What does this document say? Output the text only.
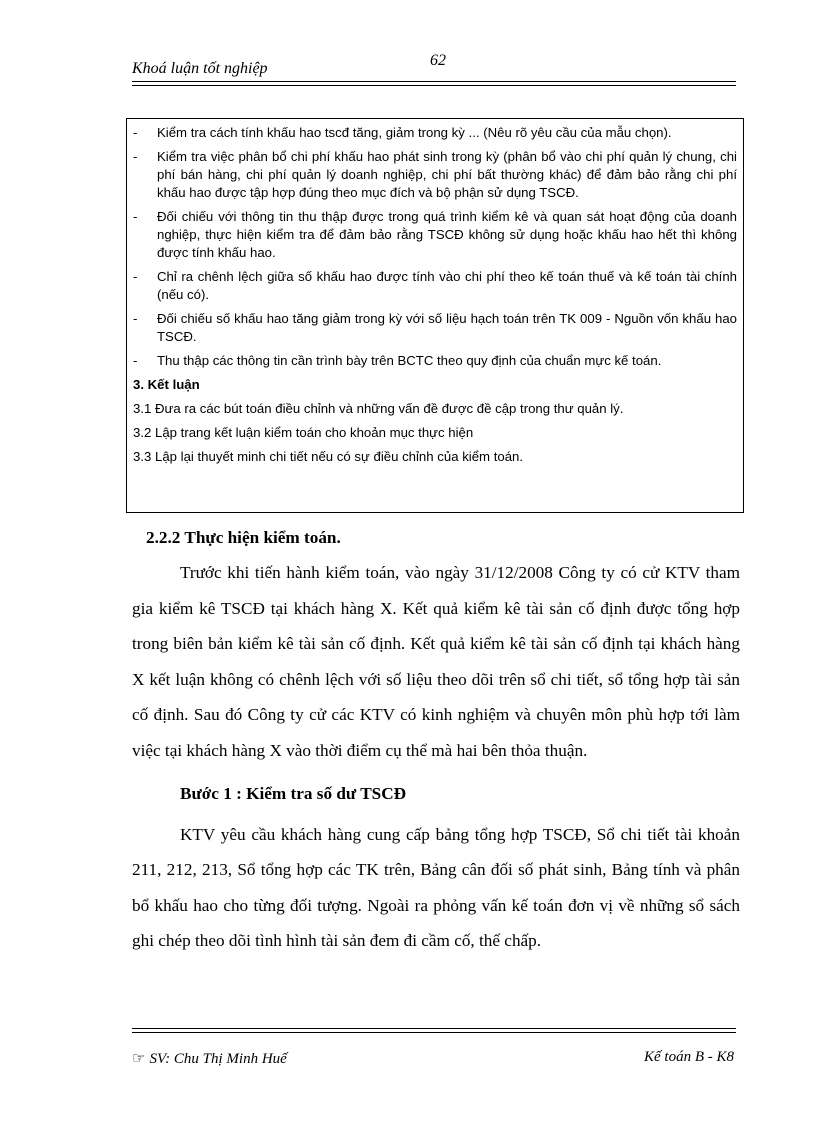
Khoá luận tốt nghiệp	62
- Kiểm tra cách tính khấu hao tscđ tăng, giảm trong kỳ ... (Nêu rõ yêu cầu của mẫu chọn).
- Kiểm tra việc phân bổ chi phí khấu hao phát sinh trong kỳ (phân bổ vào chi phí quản lý chung, chi phí bán hàng, chi phí quản lý doanh nghiệp, chi phí bất thường khác) để đảm bảo rằng chi phí khấu hao được tập hợp đúng theo mục đích và bộ phận sử dụng TSCĐ.
- Đối chiếu với thông tin thu thập được trong quá trình kiểm kê và quan sát hoạt động của doanh nghiệp, thực hiện kiểm tra để đảm bảo rằng TSCĐ không sử dụng hoặc khấu hao hết thì không được tính khấu hao.
- Chỉ ra chênh lệch giữa số khấu hao được tính vào chi phí theo kế toán thuế và kế toán tài chính (nếu có).
- Đối chiếu số khấu hao tăng giảm trong kỳ với số liệu hạch toán trên TK 009 - Nguồn vốn khấu hao TSCĐ.
- Thu thập các thông tin cần trình bày trên BCTC theo quy định của chuẩn mực kế toán.
3. Kết luận
3.1 Đưa ra các bút toán điều chỉnh và những vấn đề được đề cập trong thư quản lý.
3.2 Lập trang kết luận kiểm toán cho khoản mục thực hiện
3.3 Lập lại thuyết minh chi tiết nếu có sự điều chỉnh của kiểm toán.

2.2.2 Thực hiện kiểm toán.

Trước khi tiến hành kiểm toán, vào ngày 31/12/2008 Công ty có cử KTV tham gia kiểm kê TSCĐ tại khách hàng X. Kết quả kiểm kê tài sản cố định được tổng hợp trong biên bản kiểm kê tài sản cố định. Kết quả kiểm kê tài sản cố định tại khách hàng X kết luận không có chênh lệch với số liệu theo dõi trên sổ chi tiết, sổ tổng hợp tài sản cố định. Sau đó Công ty cử các KTV có kinh nghiệm và chuyên môn phù hợp tới làm việc tại khách hàng X vào thời điểm cụ thể mà hai bên thỏa thuận.

Bước 1 : Kiểm tra số dư TSCĐ

KTV yêu cầu khách hàng cung cấp bảng tổng hợp TSCĐ, Sổ chi tiết tài khoản 211, 212, 213, Sổ tổng hợp các TK trên, Bảng cân đối số phát sinh, Bảng tính và phân bổ khấu hao cho từng đối tượng. Ngoài ra phỏng vấn kế toán đơn vị về những sổ sách ghi chép theo dõi tình hình tài sản đem đi cầm cố, thế chấp.

☞ SV: Chu Thị Minh Huế	Kế toán B - K8
